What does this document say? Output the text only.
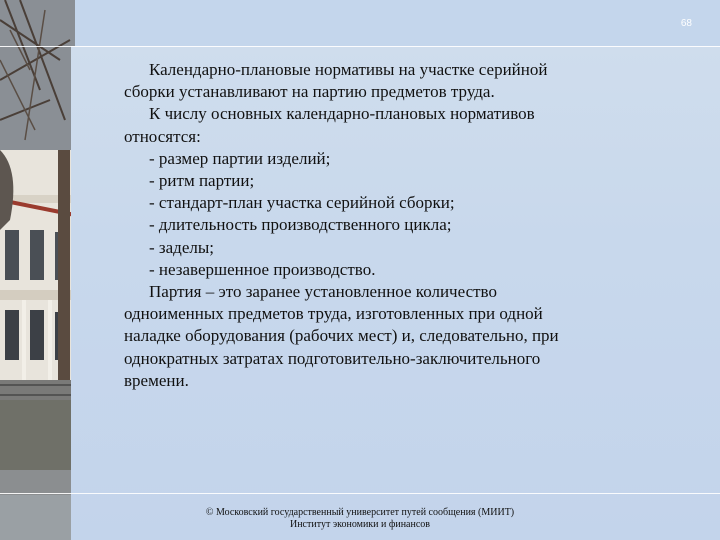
68

Календарно-плановые нормативы на участке серийной

сборки устанавливают на партию предметов труда.

К числу основных календарно-плановых нормативов

относятся:

- размер партии изделий;

- ритм партии;

- стандарт-план участка серийной сборки;

- длительность производственного цикла;

- заделы;

- незавершенное производство.

Партия – это заранее установленное количество

одноименных предметов труда, изготовленных при одной

наладке оборудования (рабочих мест) и, следовательно, при

однократных затратах подготовительно-заключительного

времени.

© Московский государственный университет путей сообщения (МИИТ)
Институт экономики и финансов
